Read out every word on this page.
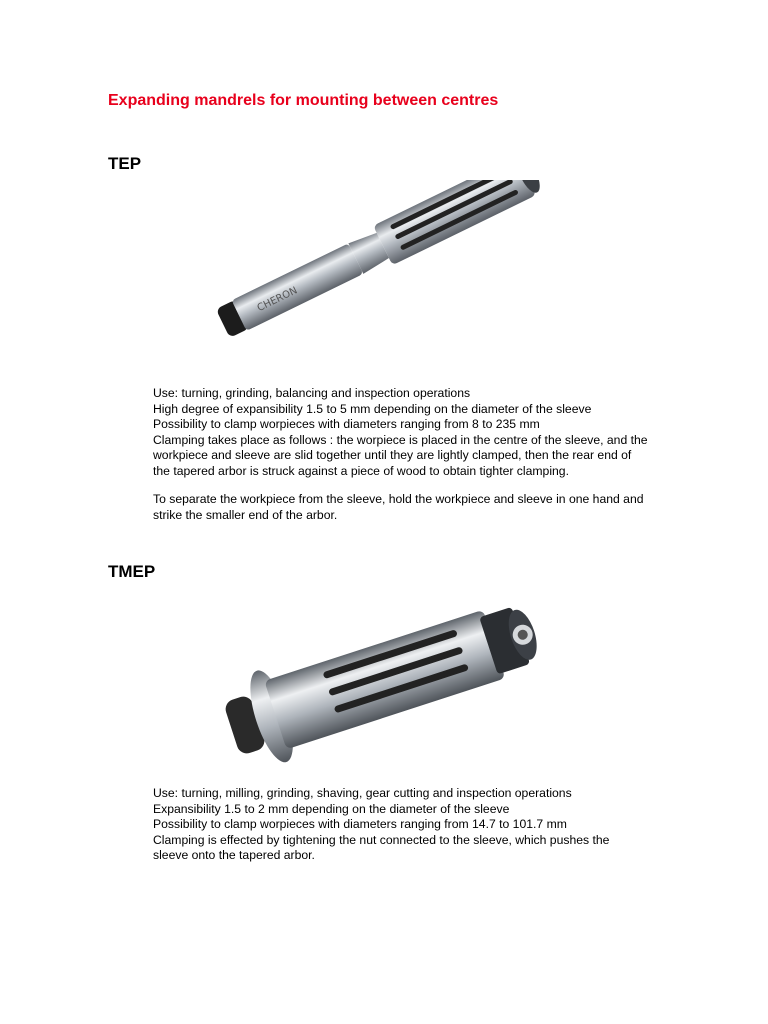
Expanding mandrels for mounting between centres
TEP
CHERON
Use: turning, grinding, balancing and inspection operations
High degree of expansibility 1.5 to 5 mm depending on the diameter of the sleeve
Possibility to clamp worpieces with diameters ranging from 8 to 235 mm
Clamping takes place as follows : the worpiece is placed in the centre of the sleeve, and the
workpiece and sleeve are slid together until they are lightly clamped, then the rear end of
the tapered arbor is struck against a piece of wood to obtain tighter clamping.
To separate the workpiece from the sleeve, hold the workpiece and sleeve in one hand and
strike the smaller end of the arbor.
TMEP
Use: turning, milling, grinding, shaving, gear cutting and inspection operations
Expansibility 1.5 to 2 mm depending on the diameter of the sleeve
Possibility to clamp worpieces with diameters ranging from 14.7 to 101.7 mm
Clamping is effected by tightening the nut connected to the sleeve, which pushes the
sleeve onto the tapered arbor.
